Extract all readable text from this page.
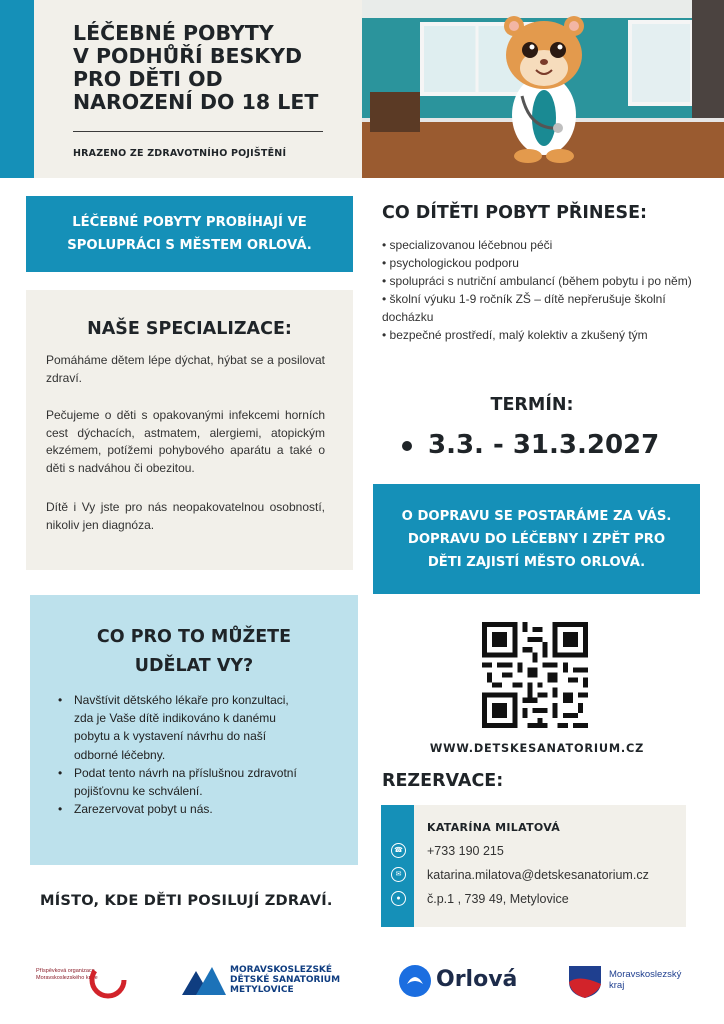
LÉČEBNÉ POBYTY
V PODHŮŘÍ BESKYD
PRO DĚTI OD
NAROZENÍ DO 18 LET
HRAZENO ZE ZDRAVOTNÍHO POJIŠTĚNÍ
LÉČEBNÉ POBYTY PROBÍHAJÍ VE
SPOLUPRÁCI S MĚSTEM ORLOVÁ.
NAŠE SPECIALIZACE:

Pomáháme dětem lépe dýchat, hýbat se a posilovat zdraví.

Pečujeme o děti s opakovanými infekcemi horních cest dýchacích, astmatem, alergiemi, atopickým ekzémem, potížemi pohybového aparátu a také o děti s nadváhou či obezitou.

Dítě i Vy jste pro nás neopakovatelnou osobností, nikoliv jen diagnóza.

CO PRO TO MŮŽETE
UDĚLAT VY?
• Navštívit dětského lékaře pro konzultaci, zda je Vaše dítě indikováno k danému pobytu a k vystavení návrhu do naší odborné léčebny.
• Podat tento návrh na příslušnou zdravotní pojišťovnu ke schválení.
• Zarezervovat pobyt u nás.
MÍSTO, KDE DĚTI POSILUJÍ ZDRAVÍ.
CO DÍTĚTI POBYT PŘINESE:
• specializovanou léčebnou péči
• psychologickou podporu
• spolupráci s nutriční ambulancí (během pobytu i po něm)
• školní výuku 1-9 ročník ZŠ – dítě nepřerušuje školní docházku
• bezpečné prostředí, malý kolektiv a zkušený tým
TERMÍN:
3.3. - 31.3.2027
O DOPRAVU SE POSTARÁME ZA VÁS.
DOPRAVU DO LÉČEBNY I ZPĚT PRO
DĚTI ZAJISTÍ MĚSTO ORLOVÁ.
WWW.DETSKESANATORIUM.CZ
REZERVACE:
KATARÍNA MILATOVÁ
☎ +733 190 215
✉	katarina.milatova@detskesanatorium.cz
●	č.p.1 , 739 49, Metylovice
Příspěvková organizace
Moravskoslezského kraje
MORAVSKOSLEZSKÉ
DĚTSKÉ SANATORIUM
METYLOVICE	Orlová	Moravskoslezský
kraj
